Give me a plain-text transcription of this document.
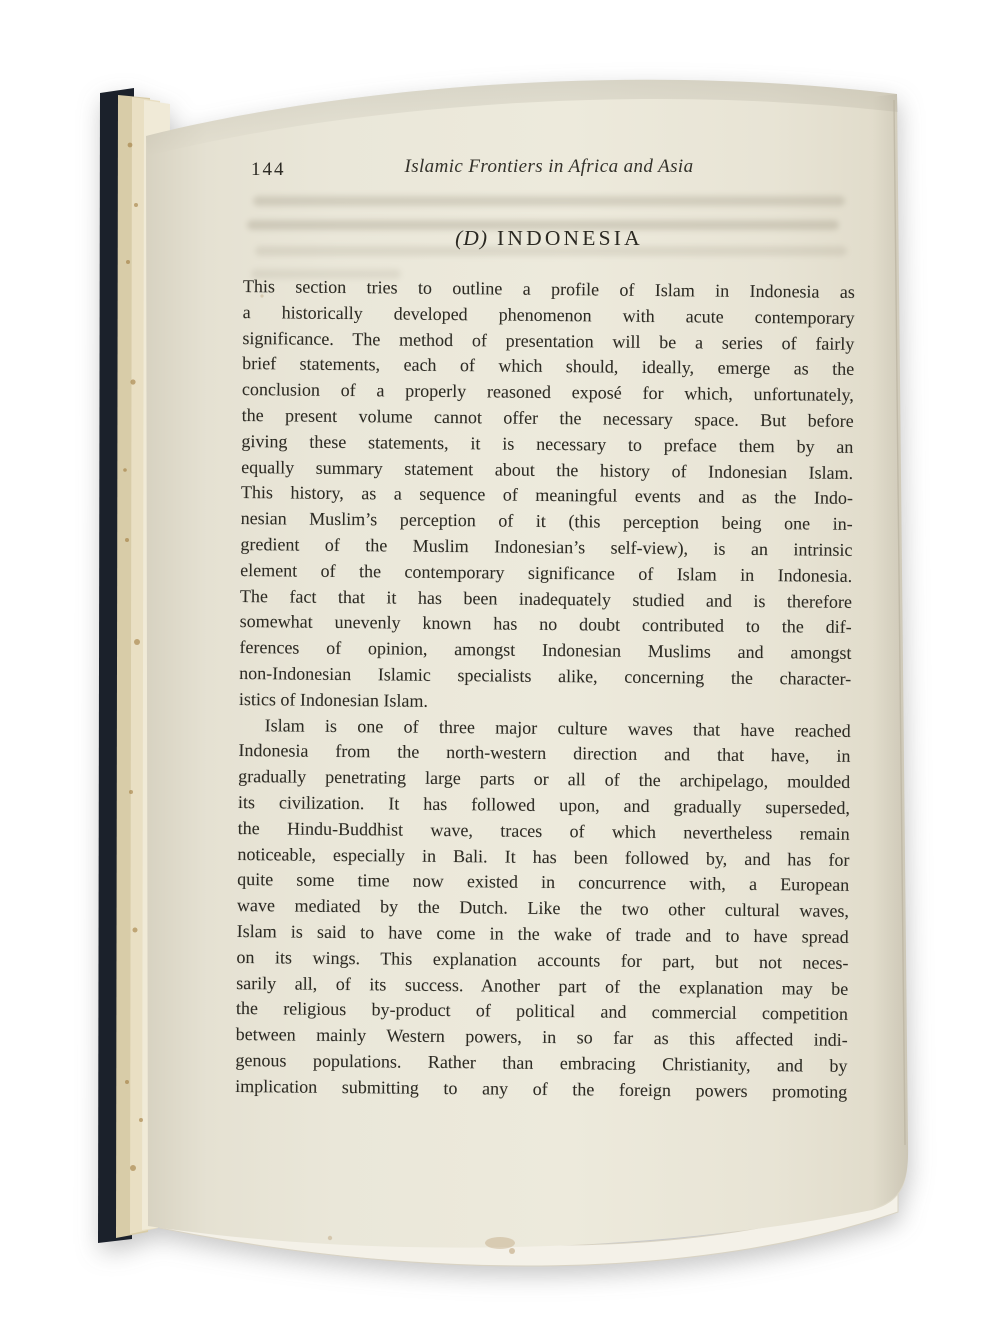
144	Islamic Frontiers in Africa and Asia
(D) INDONESIA
This section tries to outline a profile of Islam in Indonesia as
a historically developed phenomenon with acute contemporary
significance. The method of presentation will be a series of fairly
brief statements, each of which should, ideally, emerge as the
conclusion of a properly reasoned exposé for which, unfortunately,
the present volume cannot offer the necessary space. But before
giving these statements, it is necessary to preface them by an
equally summary statement about the history of Indonesian Islam.
This history, as a sequence of meaningful events and as the Indo-
nesian Muslim’s perception of it (this perception being one in-
gredient of the Muslim Indonesian’s self-view), is an intrinsic
element of the contemporary significance of Islam in Indonesia.
The fact that it has been inadequately studied and is therefore
somewhat unevenly known has no doubt contributed to the dif-
ferences of opinion, amongst Indonesian Muslims and amongst
non-Indonesian Islamic specialists alike, concerning the character-
istics of Indonesian Islam.
Islam is one of three major culture waves that have reached
Indonesia from the north-western direction and that have, in
gradually penetrating large parts or all of the archipelago, moulded
its civilization. It has followed upon, and gradually superseded,
the Hindu-Buddhist wave, traces of which nevertheless remain
noticeable, especially in Bali. It has been followed by, and has for
quite some time now existed in concurrence with, a European
wave mediated by the Dutch. Like the two other cultural waves,
Islam is said to have come in the wake of trade and to have spread
on its wings. This explanation accounts for part, but not neces-
sarily all, of its success. Another part of the explanation may be
the religious by-product of political and commercial competition
between mainly Western powers, in so far as this affected indi-
genous populations. Rather than embracing Christianity, and by
implication submitting to any of the foreign powers promoting
